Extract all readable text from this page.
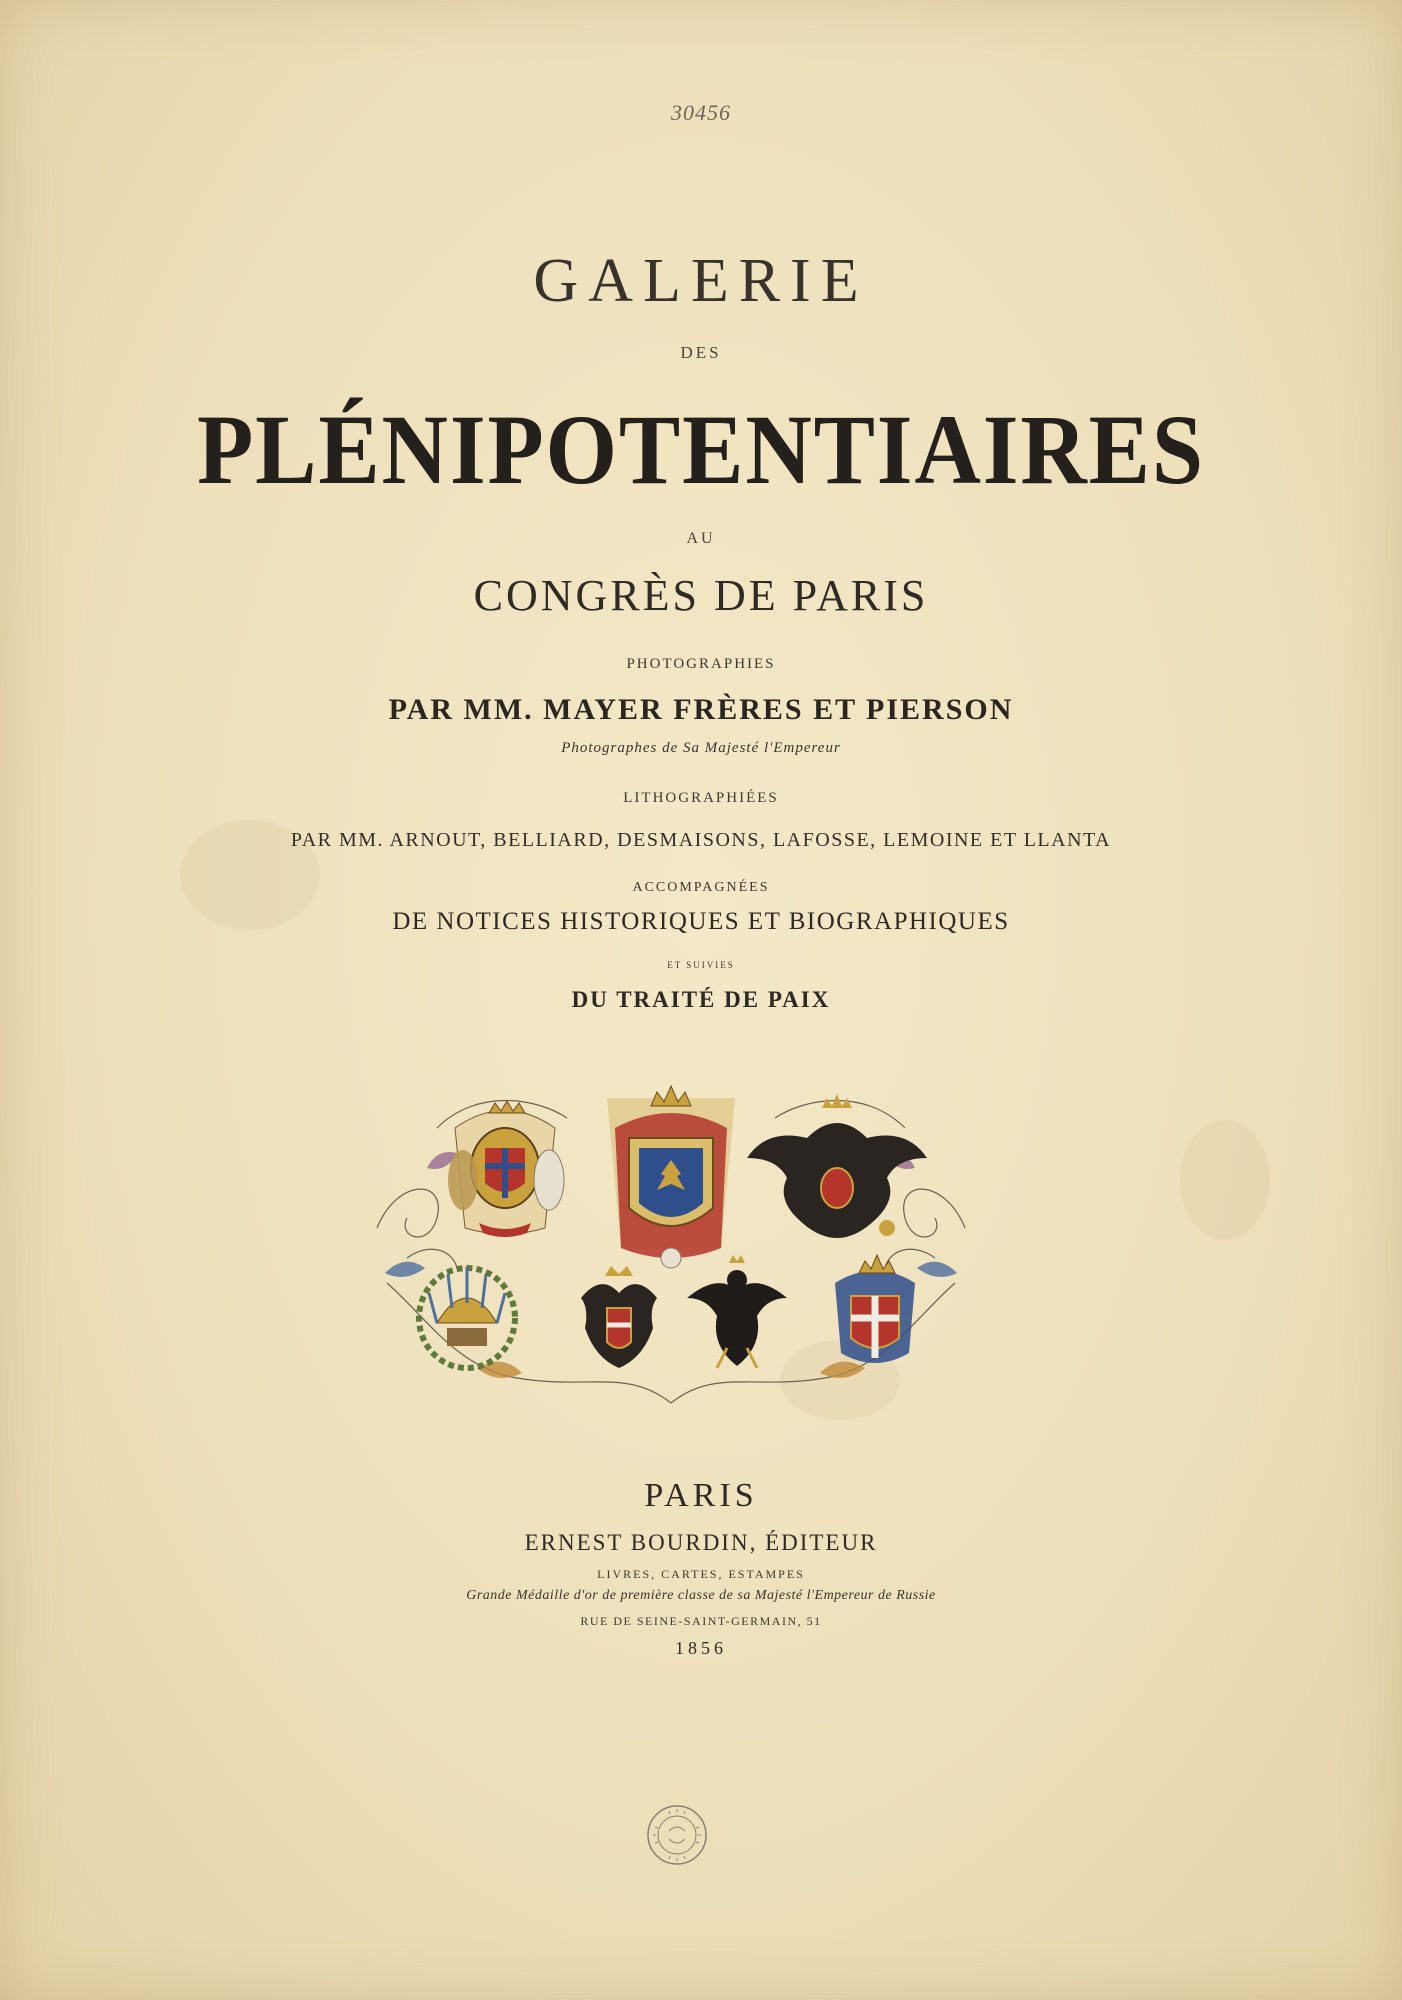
30456
GALERIE
DES
PLÉNIPOTENTIAIRES
AU
CONGRÈS DE PARIS
PHOTOGRAPHIES
PAR MM. MAYER FRÈRES ET PIERSON
Photographes de Sa Majesté l'Empereur
LITHOGRAPHIÉES
PAR MM. ARNOUT, BELLIARD, DESMAISONS, LAFOSSE, LEMOINE ET LLANTA
ACCOMPAGNÉES
DE NOTICES HISTORIQUES ET BIOGRAPHIQUES
ET SUIVIES
DU TRAITÉ DE PAIX
PARIS
ERNEST BOURDIN, ÉDITEUR
LIVRES, CARTES, ESTAMPES
Grande Médaille d'or de première classe de sa Majesté l'Empereur de Russie
RUE DE SEINE-SAINT-GERMAIN, 51
1856
